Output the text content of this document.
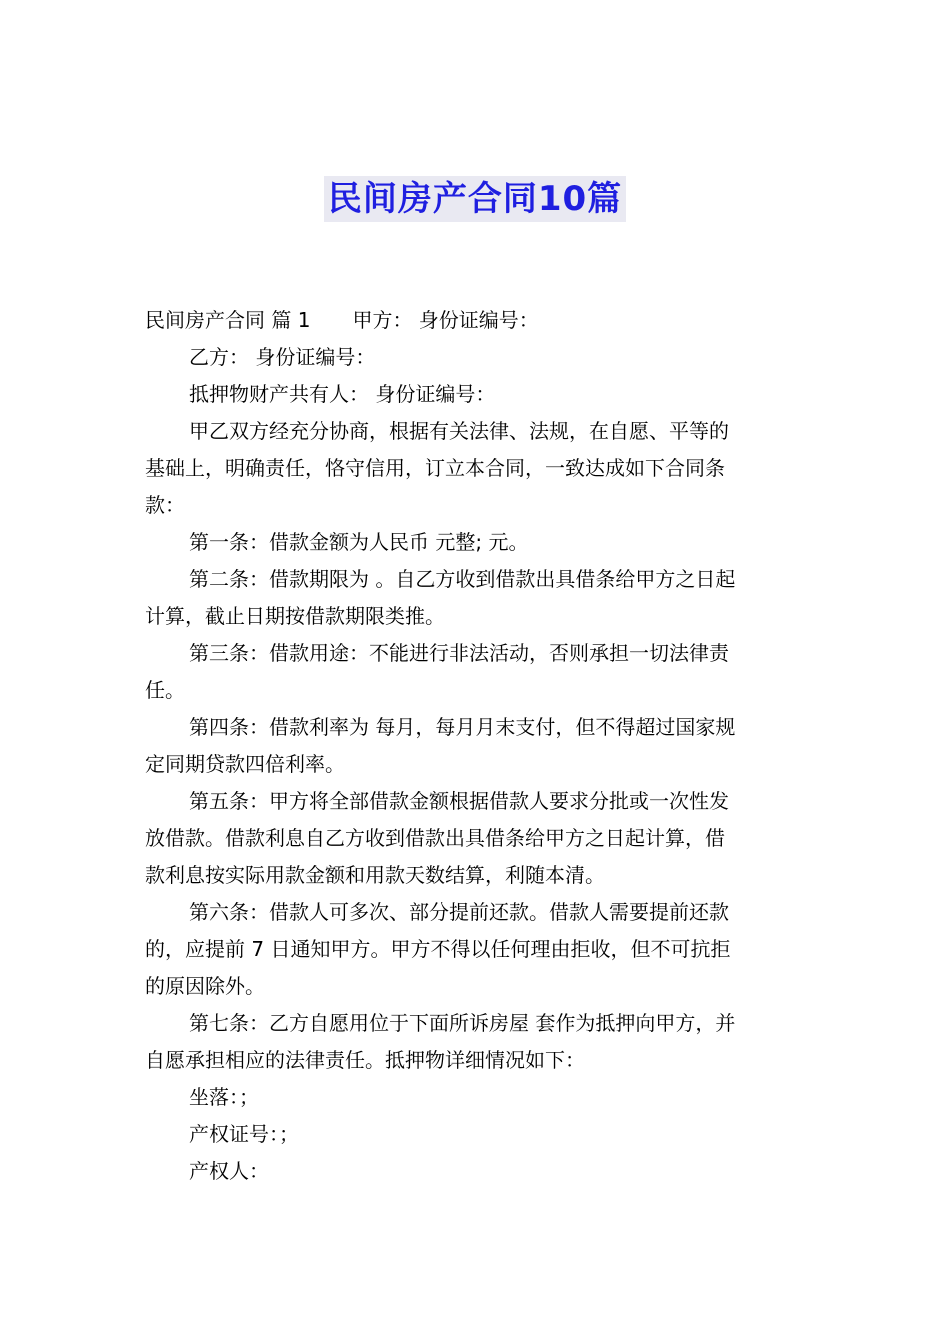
民间房产合同10篇
民间房产合同 篇 1 甲方： 身份证编号：
乙方： 身份证编号：
抵押物财产共有人： 身份证编号：
甲乙双方经充分协商，根据有关法律、法规，在自愿、平等的
基础上，明确责任，恪守信用，订立本合同，一致达成如下合同条
款：
第一条：借款金额为人民币 元整; 元。
第二条：借款期限为 。自乙方收到借款出具借条给甲方之日起
计算，截止日期按借款期限类推。
第三条：借款用途：不能进行非法活动，否则承担一切法律责
任。
第四条：借款利率为 每月，每月月末支付，但不得超过国家规
定同期贷款四倍利率。
第五条：甲方将全部借款金额根据借款人要求分批或一次性发
放借款。借款利息自乙方收到借款出具借条给甲方之日起计算，借
款利息按实际用款金额和用款天数结算，利随本清。
第六条：借款人可多次、部分提前还款。借款人需要提前还款
的，应提前 7 日通知甲方。甲方不得以任何理由拒收，但不可抗拒
的原因除外。
第七条：乙方自愿用位于下面所诉房屋 套作为抵押向甲方，并
自愿承担相应的法律责任。抵押物详细情况如下：
坐落：；
产权证号：；
产权人：
